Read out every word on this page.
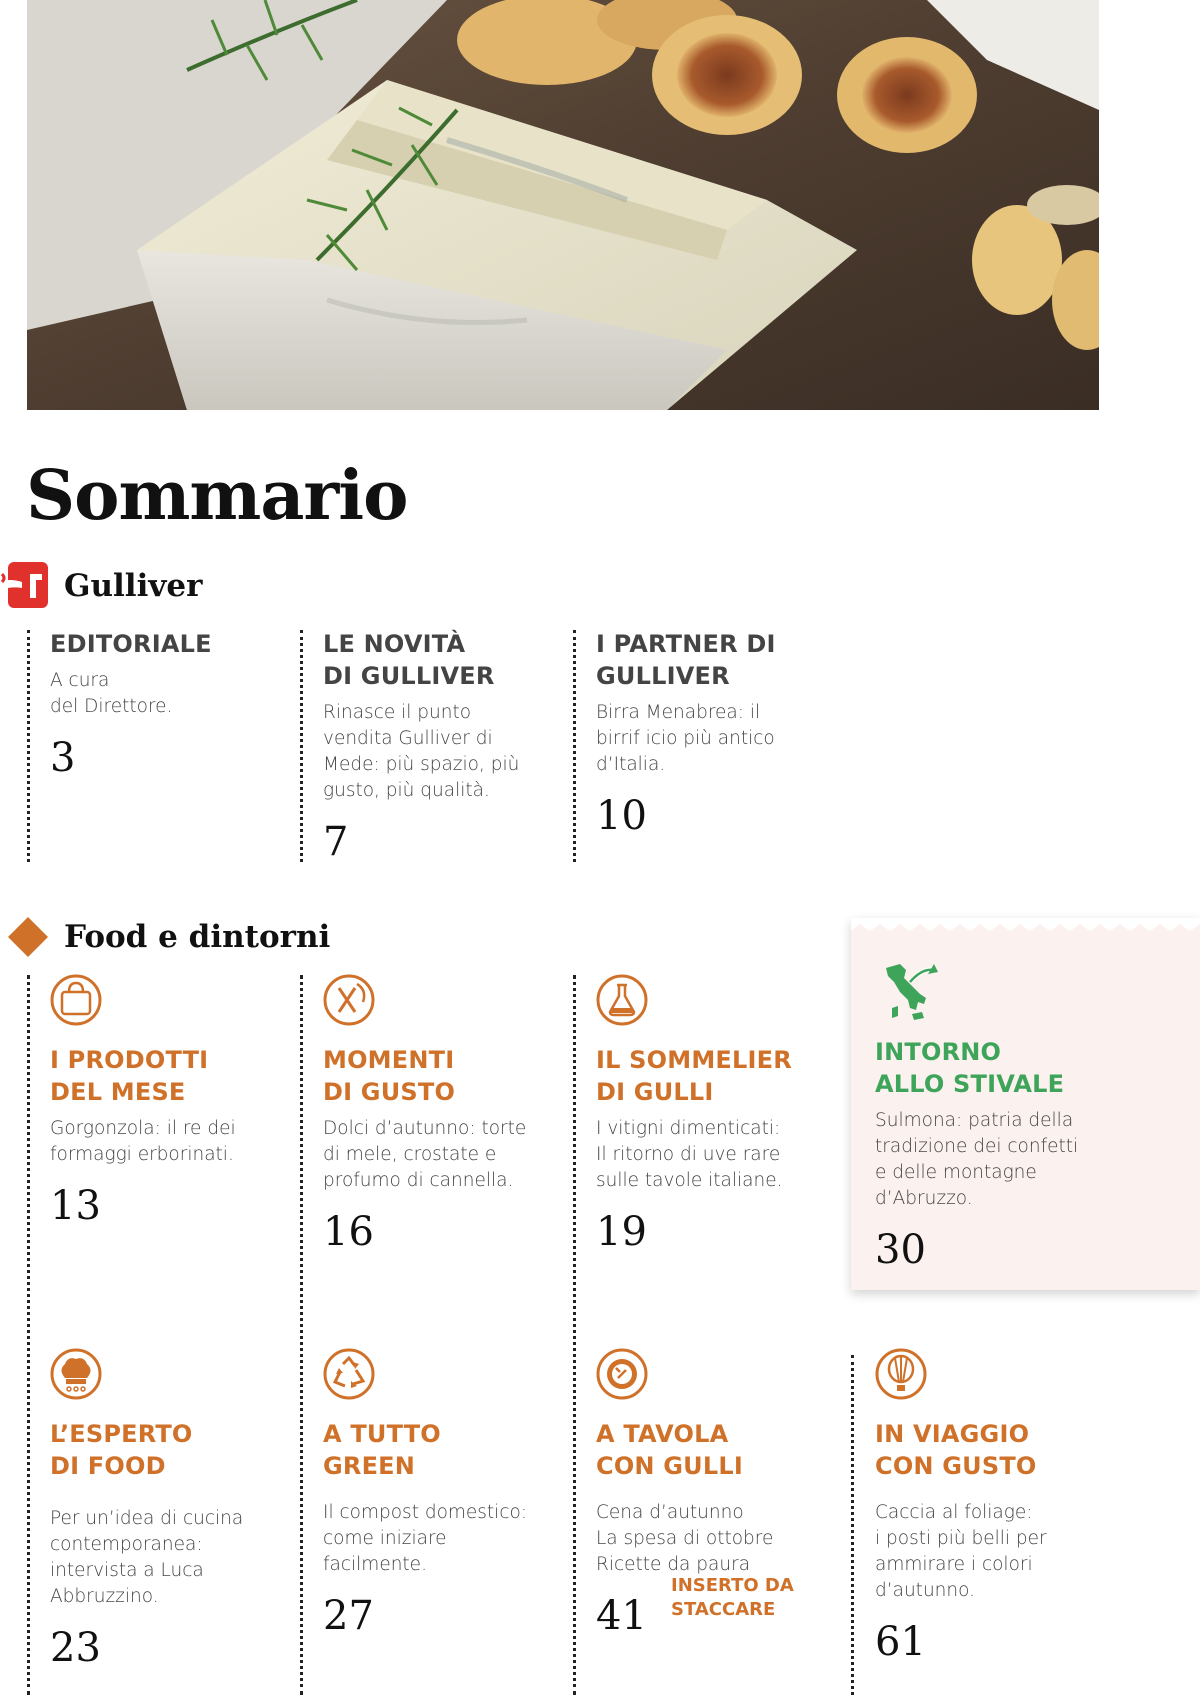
Sommario
Gulliver
EDITORIALE
A cura
del Direttore.
3
LE NOVITÀ
DI GULLIVER
Rinasce il punto
vendita Gulliver di
Mede: più spazio, più
gusto, più qualità.
7
I PARTNER DI
GULLIVER
Birra Menabrea: il
birrif icio più antico
d’Italia.
10
Food e dintorni
I PRODOTTI
DEL MESE
Gorgonzola: il re dei
formaggi erborinati.
13
MOMENTI
DI GUSTO
Dolci d’autunno: torte
di mele, crostate e
profumo di cannella.
16
IL SOMMELIER
DI GULLI
I vitigni dimenticati:
Il ritorno di uve rare
sulle tavole italiane.
19
INTORNO
ALLO STIVALE
Sulmona: patria della
tradizione dei confetti
e delle montagne
d’Abruzzo.
30
L’ESPERTO
DI FOOD
Per un’idea di cucina
contemporanea:
intervista a Luca
Abbruzzino.
23
A TUTTO
GREEN
Il compost domestico:
come iniziare
facilmente.
27
A TAVOLA
CON GULLI
Cena d’autunno
La spesa di ottobre
Ricette da paura
41
INSERTO DA
STACCARE
IN VIAGGIO
CON GUSTO
Caccia al foliage:
i posti più belli per
ammirare i colori
d’autunno.
61
